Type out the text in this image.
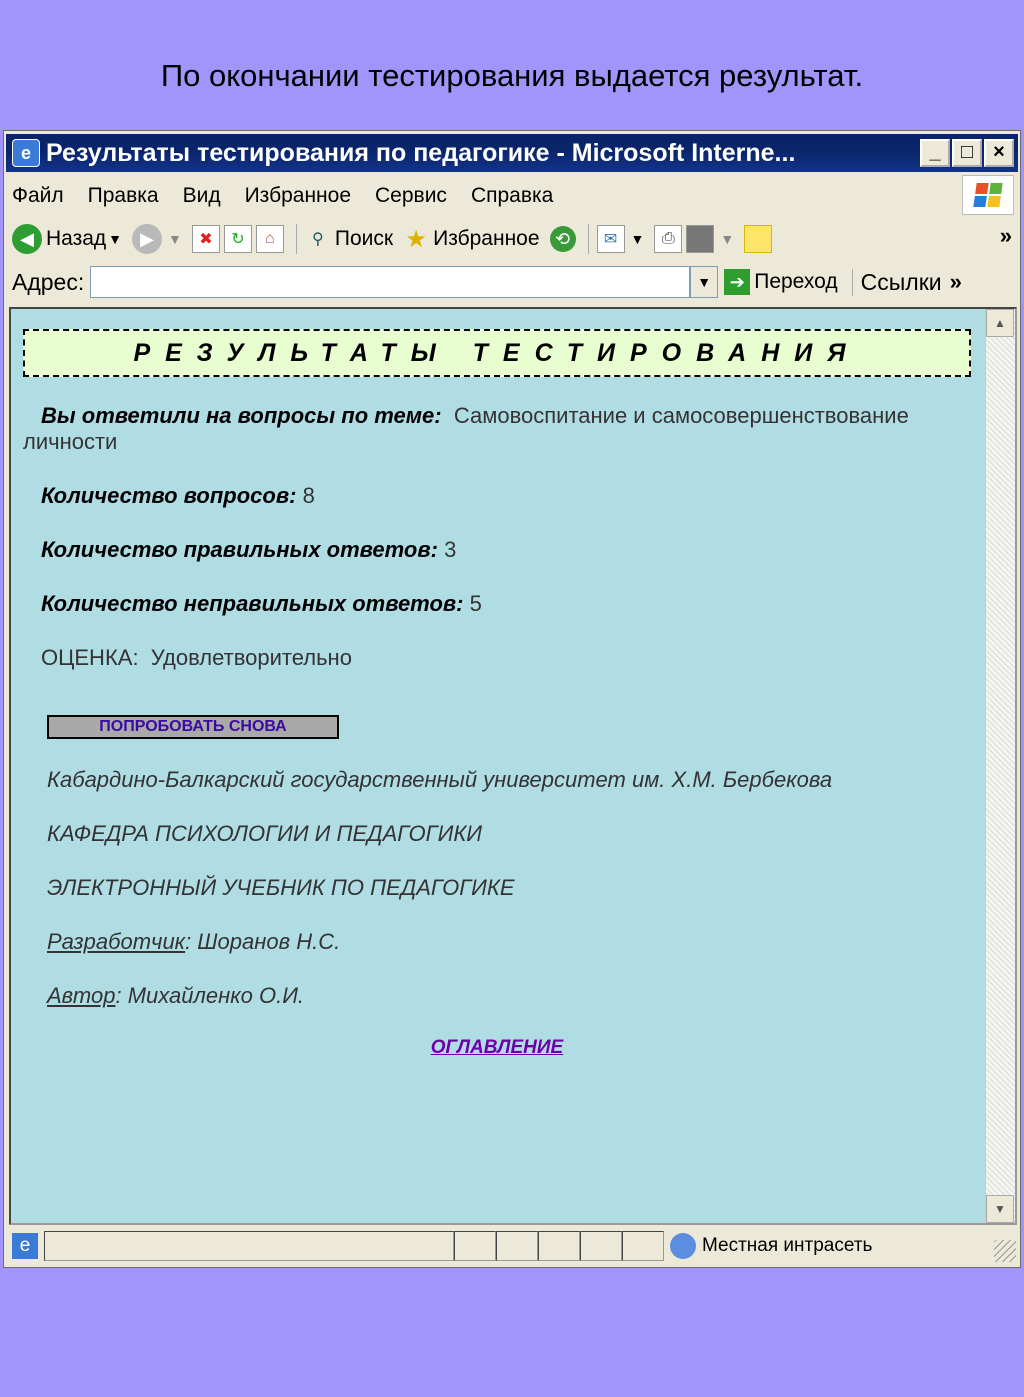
По окончании тестирования выдается результат.
e Результаты тестирования по педагогике - Microsoft Interne...	_	□	×
Файл Правка Вид Избранное Сервис Справка
◀ Назад ▼	▶	▼	✖	↻	⌂	⚲ Поиск ★ Избранное ⟲	✉ ▼	⎙	■	▼	»
Адрес:	▼	➔ Переход	Ссылки »
РЕЗУЛЬТАТЫ ТЕСТИРОВАНИЯ
Вы ответили на вопросы по теме: Самовоспитание и самосовершенствование личности
Количество вопросов: 8
Количество правильных ответов: 3
Количество неправильных ответов: 5
ОЦЕНКА: Удовлетворительно
ПОПРОБОВАТЬ СНОВА
Кабардино-Балкарский государственный университет им. Х.М. Бербекова
КАФЕДРА ПСИХОЛОГИИ И ПЕДАГОГИКИ
ЭЛЕКТРОННЫЙ УЧЕБНИК ПО ПЕДАГОГИКЕ
Разработчик: Шоранов Н.С.
Автор: Михайленко О.И.
ОГЛАВЛЕНИЕ
▲
▼
e	Местная интрасеть
